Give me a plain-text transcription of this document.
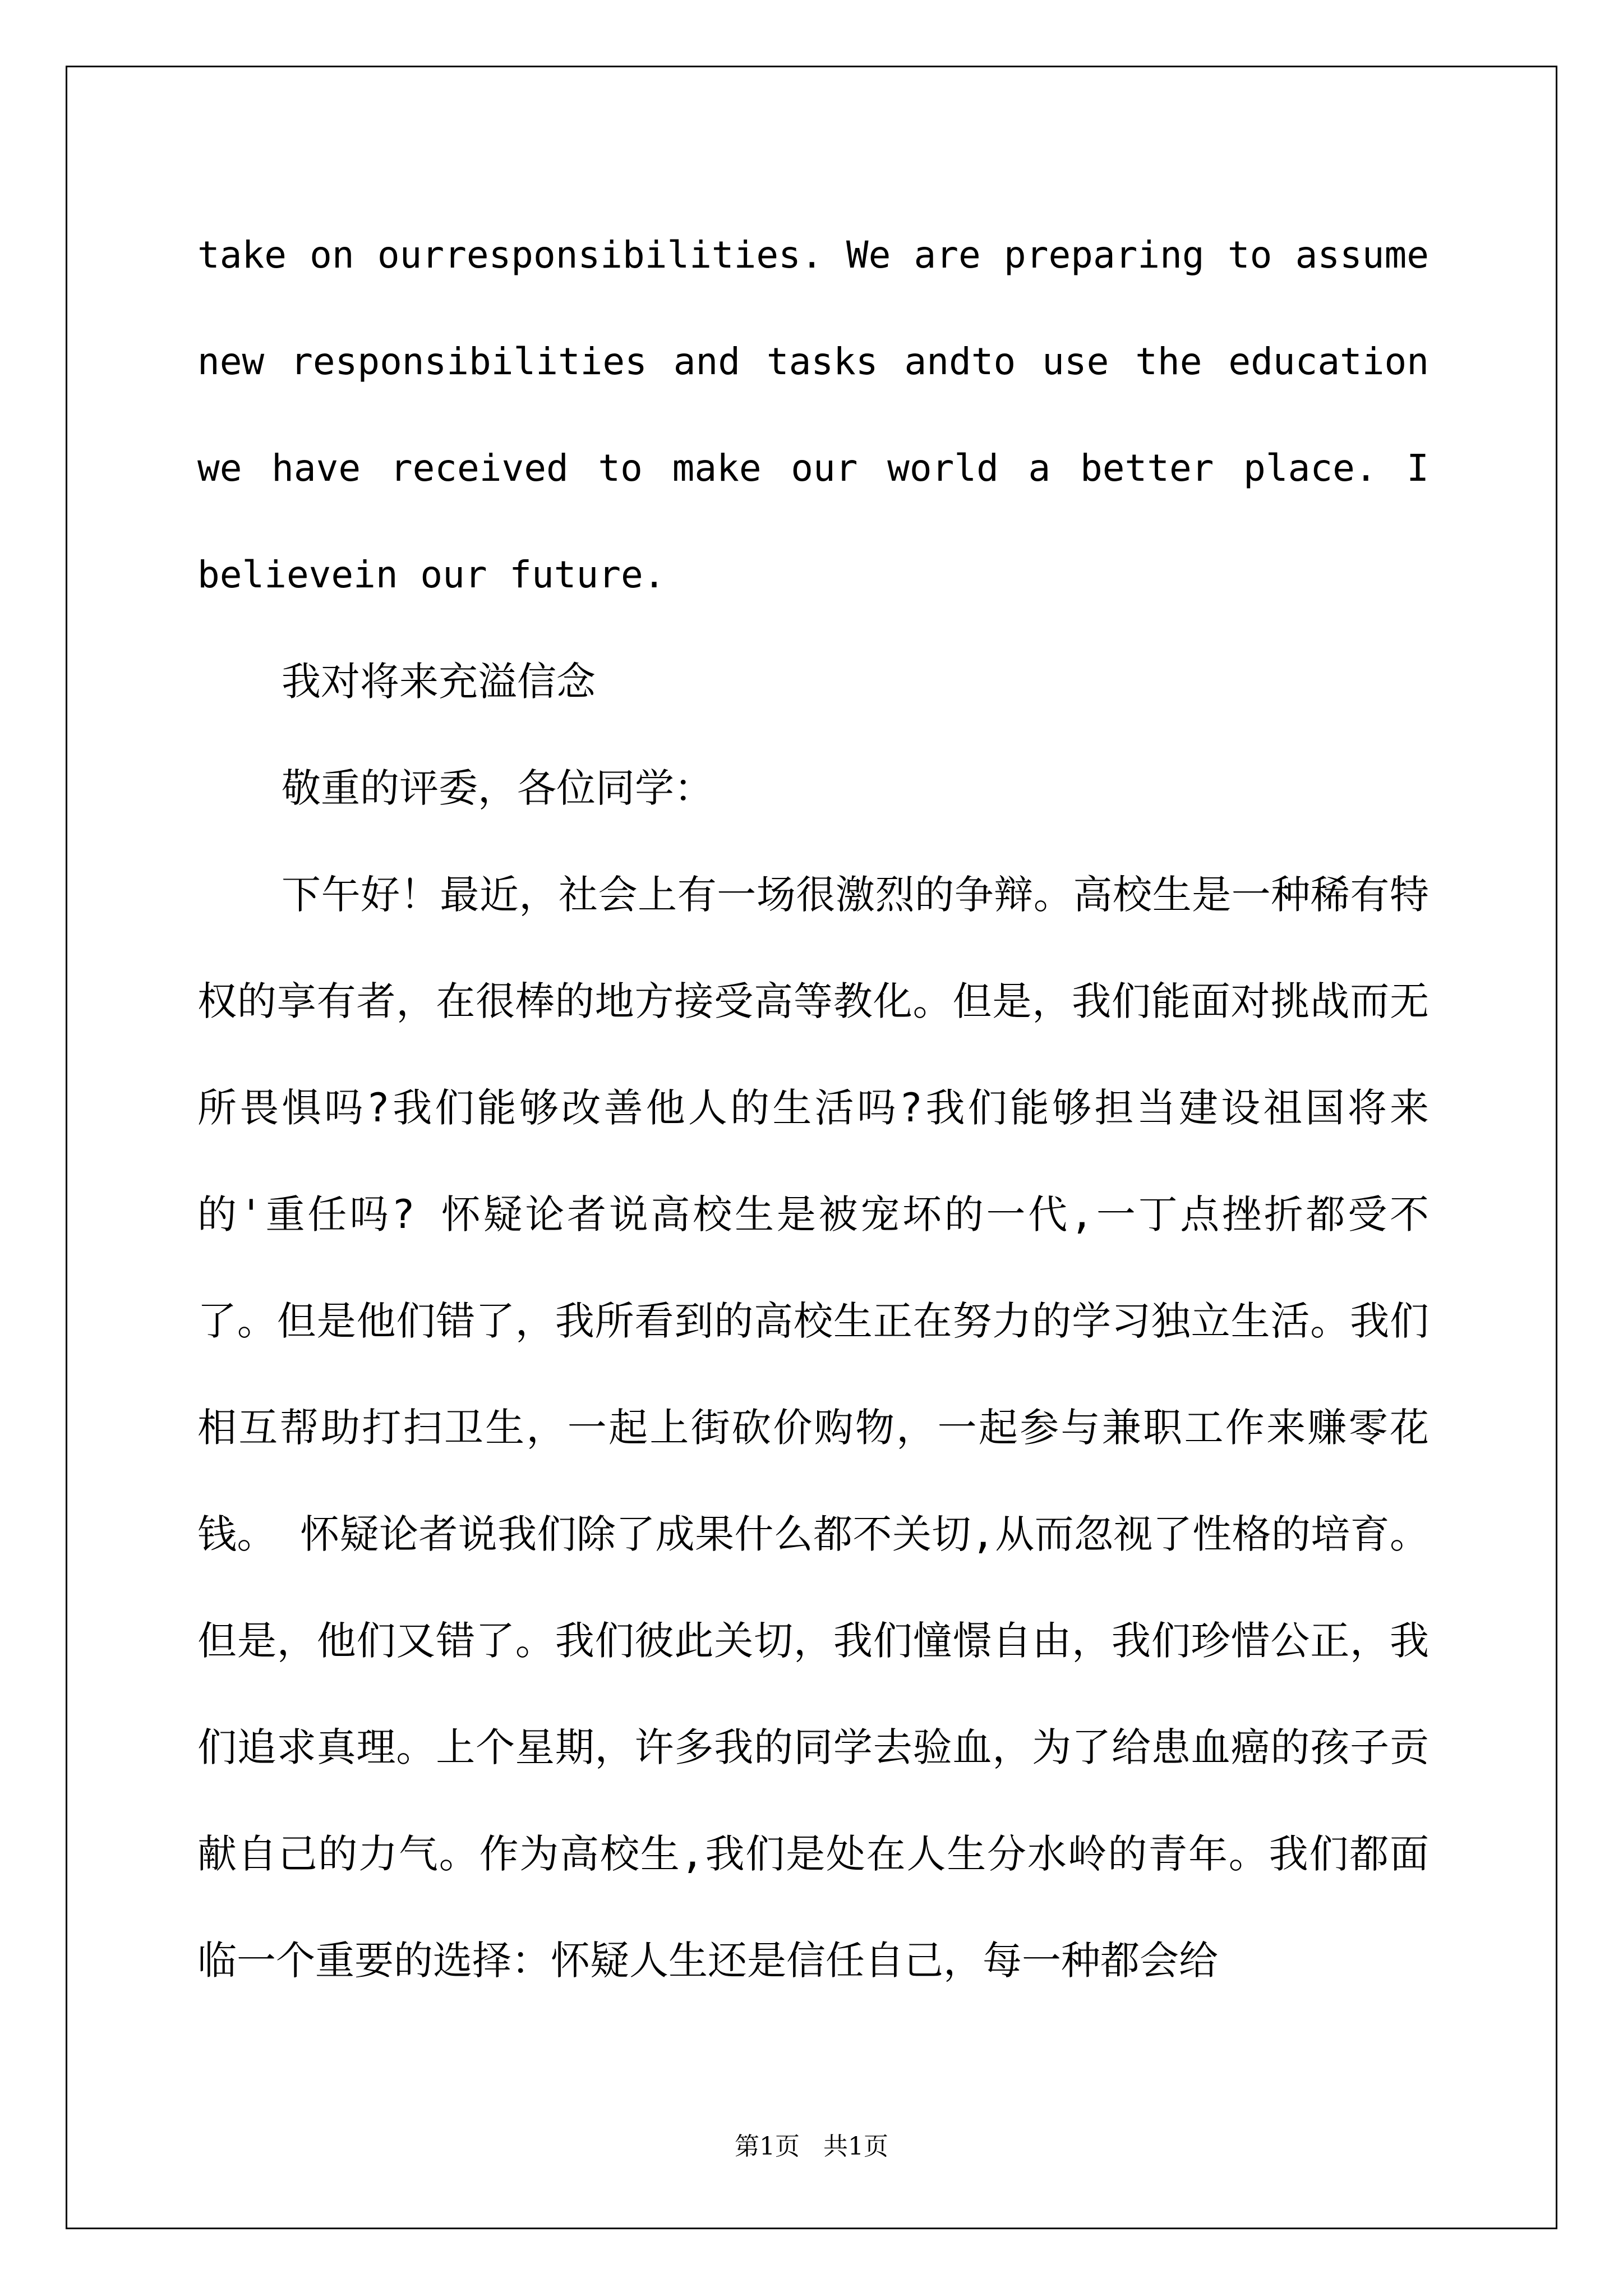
take on ourresponsibilities. We are preparing to assume new responsibilities and tasks andto use the education we have received to make our world a better place. I believein our future.

我对将来充溢信念

敬重的评委，各位同学：

下午好！最近，社会上有一场很激烈的争辩。高校生是一种稀有特权的享有者，在很棒的地方接受高等教化。但是，我们能面对挑战而无所畏惧吗?我们能够改善他人的生活吗?我们能够担当建设祖国将来的'重任吗? 怀疑论者说高校生是被宠坏的一代,一丁点挫折都受不了。但是他们错了，我所看到的高校生正在努力的学习独立生活。我们相互帮助打扫卫生，一起上街砍价购物，一起参与兼职工作来赚零花钱。 怀疑论者说我们除了成果什么都不关切,从而忽视了性格的培育。但是，他们又错了。我们彼此关切，我们憧憬自由，我们珍惜公正，我们追求真理。上个星期，许多我的同学去验血，为了给患血癌的孩子贡献自己的力气。作为高校生,我们是处在人生分水岭的青年。我们都面临一个重要的选择：怀疑人生还是信任自己，每一种都会给

第1页 共1页
